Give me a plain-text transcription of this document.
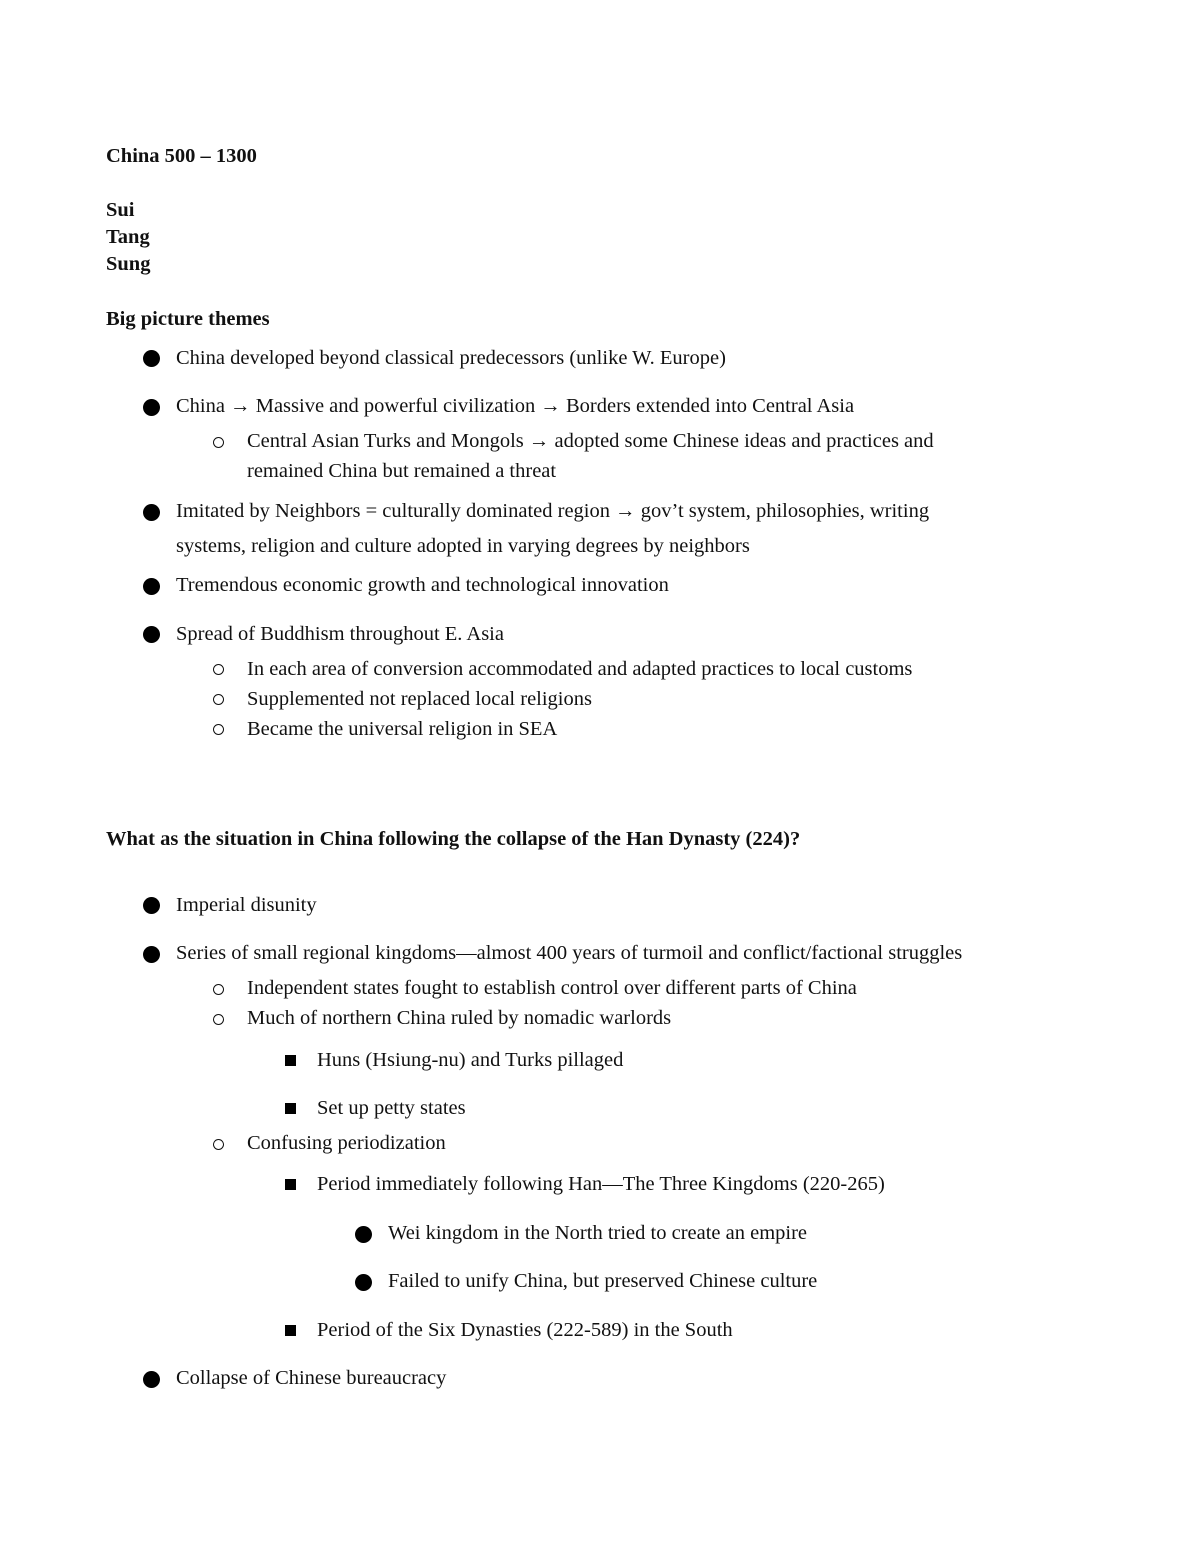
China 500 – 1300
Sui
Tang
Sung
Big picture themes
China developed beyond classical predecessors (unlike W. Europe)
China → Massive and powerful civilization → Borders extended into Central Asia
Central Asian Turks and Mongols → adopted some Chinese ideas and practices and
remained China but remained a threat
Imitated by Neighbors = culturally dominated region → gov’t system, philosophies, writing
systems, religion and culture adopted in varying degrees by neighbors
Tremendous economic growth and technological innovation
Spread of Buddhism throughout E. Asia
In each area of conversion accommodated and adapted practices to local customs
Supplemented not replaced local religions
Became the universal religion in SEA
What as the situation in China following the collapse of the Han Dynasty (224)?
Imperial disunity
Series of small regional kingdoms—almost 400 years of turmoil and conflict/factional struggles
Independent states fought to establish control over different parts of China
Much of northern China ruled by nomadic warlords
Huns (Hsiung-nu) and Turks pillaged
Set up petty states
Confusing periodization
Period immediately following Han—The Three Kingdoms (220-265)
Wei kingdom in the North tried to create an empire
Failed to unify China, but preserved Chinese culture
Period of the Six Dynasties (222-589) in the South
Collapse of Chinese bureaucracy
